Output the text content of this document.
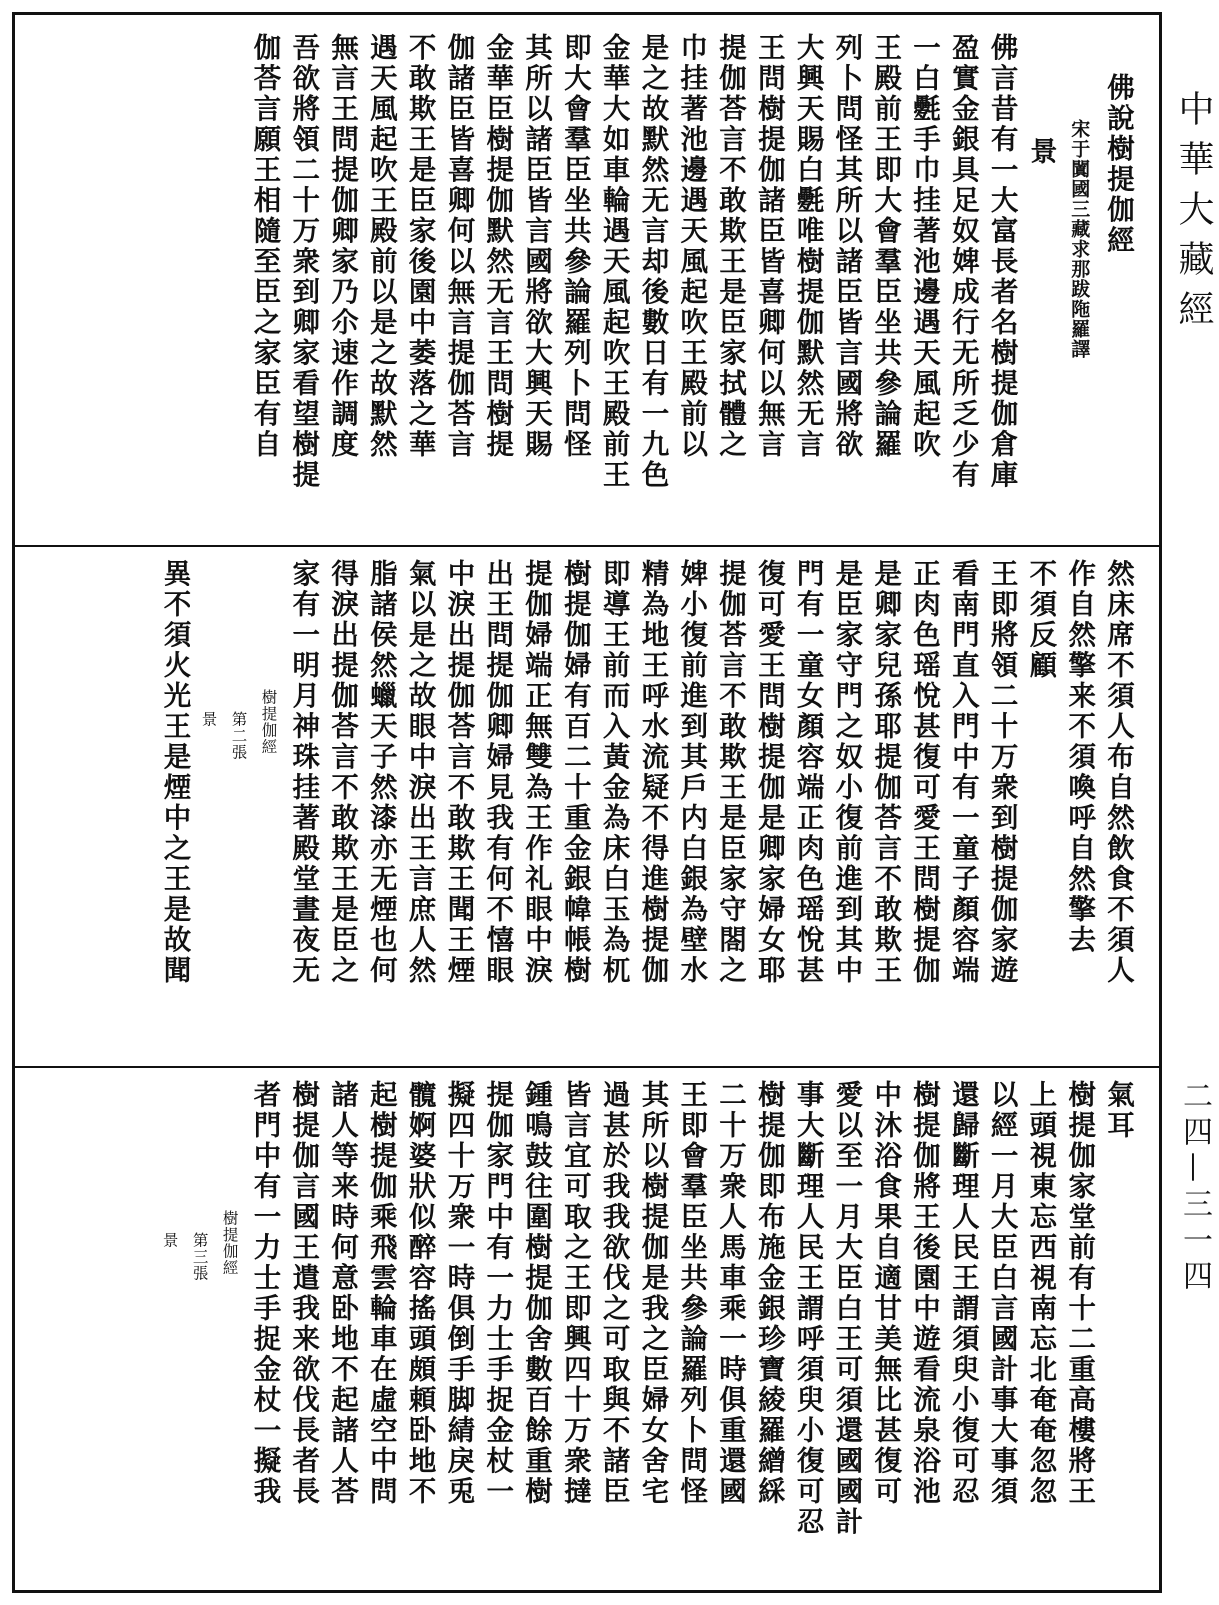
佛說樹提伽經
宋于闐國三藏求那跋陁羅譯
景
佛言昔有一大富長者名樹提伽倉庫
盈實金銀具足奴婢成行无所乏少有
一白氎手巾挂著池邊遇天風起吹
王殿前王即大會羣臣坐共參論羅
列卜問怪其所以諸臣皆言國將欲
大興天賜白氎唯樹提伽默然无言
王問樹提伽諸臣皆喜卿何以無言
提伽荅言不敢欺王是臣家拭體之
巾挂著池邊遇天風起吹王殿前以
是之故默然无言却後數日有一九色
金華大如車輪遇天風起吹王殿前王
即大會羣臣坐共參論羅列卜問怪
其所以諸臣皆言國將欲大興天賜
金華臣樹提伽默然无言王問樹提
伽諸臣皆喜卿何以無言提伽荅言
不敢欺王是臣家後園中萎落之華
遇天風起吹王殿前以是之故默然
無言王問提伽卿家乃尒速作調度
吾欲將領二十万衆到卿家看望樹提
伽荅言願王相隨至臣之家臣有自
然床席不須人布自然飲食不須人
作自然擎来不須喚呼自然擎去
不須反顧
王即將領二十万衆到樹提伽家遊
看南門直入門中有一童子顏容端
正肉色瑶悅甚復可愛王問樹提伽
是卿家兒孫耶提伽荅言不敢欺王
是臣家守門之奴小復前進到其中
門有一童女顏容端正肉色瑶悅甚
復可愛王問樹提伽是卿家婦女耶
提伽荅言不敢欺王是臣家守閤之
婢小復前進到其戶内白銀為壁水
精為地王呼水流疑不得進樹提伽
即導王前而入黃金為床白玉為杌
樹提伽婦有百二十重金銀幃帳樹
提伽婦端正無雙為王作礼眼中淚
出王問提伽卿婦見我有何不憘眼
中淚出提伽荅言不敢欺王聞王煙
氣以是之故眼中淚出王言庶人然
脂諸侯然蠟天子然漆亦无煙也何
得淚出提伽荅言不敢欺王是臣之
家有一明月神珠挂著殿堂晝夜无
樹提伽經
第二張
景
異不須火光王是煙中之王是故聞
氣耳
樹提伽家堂前有十二重高樓將王
上頭視東忘西視南忘北奄奄忽忽
以經一月大臣白言國計事大事須
還歸斷理人民王謂須臾小復可忍
樹提伽將王後園中遊看流泉浴池
中沐浴食果自適甘美無比甚復可
愛以至一月大臣白王可須還國國計
事大斷理人民王謂呼須臾小復可忍
樹提伽即布施金銀珍寶綾羅繒綵
二十万衆人馬車乘一時俱重還國
王即會羣臣坐共參論羅列卜問怪
其所以樹提伽是我之臣婦女舍宅
過甚於我我欲伐之可取與不諸臣
皆言宜可取之王即興四十万衆撻
鍾鳴鼓往圍樹提伽舍數百餘重樹
提伽家門中有一力士手捉金杖一
擬四十万衆一時俱倒手脚綪戾兎
髖婀婆狀似醉容搖頭頗頼卧地不
起樹提伽乘飛雲輪車在虛空中問
諸人等来時何意卧地不起諸人荅
樹提伽言國王遣我来欲伐長者長
者門中有一力士手捉金杖一擬我
樹提伽經
第三張
景
中華大藏經
二四—三一四
